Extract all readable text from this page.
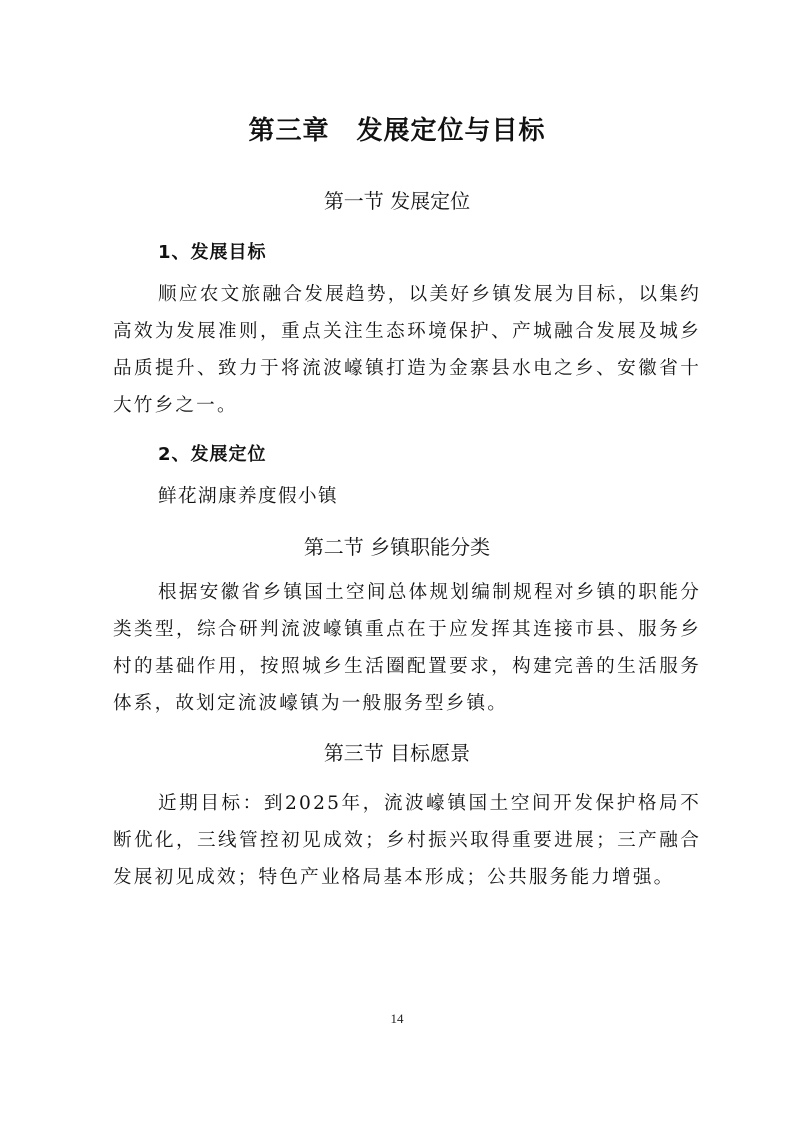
第三章　发展定位与目标
第一节 发展定位
1、发展目标

顺应农文旅融合发展趋势，以美好乡镇发展为目标，以集约高效为发展准则，重点关注生态环境保护、产城融合发展及城乡品质提升、致力于将流波㠙镇打造为金寨县水电之乡、安徽省十大竹乡之一。

2、发展定位

鲜花湖康养度假小镇

第二节 乡镇职能分类

根据安徽省乡镇国土空间总体规划编制规程对乡镇的职能分类类型，综合研判流波㠙镇重点在于应发挥其连接市县、服务乡村的基础作用，按照城乡生活圈配置要求，构建完善的生活服务体系，故划定流波㠙镇为一般服务型乡镇。

第三节 目标愿景

近期目标：到2025年，流波㠙镇国土空间开发保护格局不断优化，三线管控初见成效；乡村振兴取得重要进展；三产融合发展初见成效；特色产业格局基本形成；公共服务能力增强。

14
